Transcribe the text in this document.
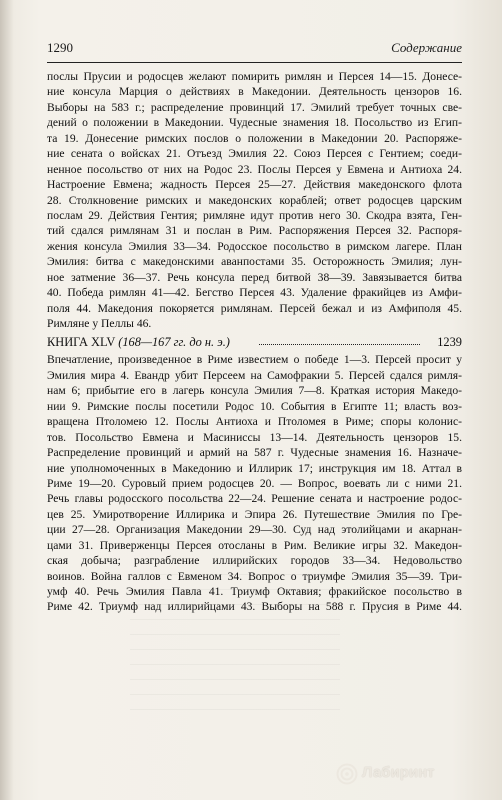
1290	Содержание
послы Прусии и родосцев желают помирить римлян и Персея 14—15. Донесе-
ние консула Марция о действиях в Македонии. Деятельность цензоров 16.
Выборы на 583 г.; распределение провинций 17. Эмилий требует точных све-
дений о положении в Македонии. Чудесные знамения 18. Посольство из Егип-
та 19. Донесение римских послов о положении в Македонии 20. Распоряже-
ние сената о войсках 21. Отъезд Эмилия 22. Союз Персея с Гентием; соеди-
ненное посольство от них на Родос 23. Послы Персея у Евмена и Антиоха 24.
Настроение Евмена; жадность Персея 25—27. Действия македонского флота
28. Столкновение римских и македонских кораблей; ответ родосцев царским
послам 29. Действия Гентия; римляне идут против него 30. Скодра взята, Ген-
тий сдался римлянам 31 и послан в Рим. Распоряжения Персея 32. Распоря-
жения консула Эмилия 33—34. Родосское посольство в римском лагере. План
Эмилия: битва с македонскими аванпостами 35. Осторожность Эмилия; лун-
ное затмение 36—37. Речь консула перед битвой 38—39. Завязывается битва
40. Победа римлян 41—42. Бегство Персея 43. Удаление фракийцев из Амфи-
поля 44. Македония покоряется римлянам. Персей бежал и из Амфиполя 45.
Римляне у Пеллы 46.
КНИГА XLV (168—167 гг. до н. э.)	1239
Впечатление, произведенное в Риме известием о победе 1—3. Персей просит у
Эмилия мира 4. Евандр убит Персеем на Самофракии 5. Персей сдался римля-
нам 6; прибытие его в лагерь консула Эмилия 7—8. Краткая история Македо-
нии 9. Римские послы посетили Родос 10. События в Египте 11; власть воз-
вращена Птоломею 12. Послы Антиоха и Птоломея в Риме; споры колонис-
тов. Посольство Евмена и Масиниссы 13—14. Деятельность цензоров 15.
Распределение провинций и армий на 587 г. Чудесные знамения 16. Назначе-
ние уполномоченных в Македонию и Иллирик 17; инструкция им 18. Аттал в
Риме 19—20. Суровый прием родосцев 20. — Вопрос, воевать ли с ними 21.
Речь главы родосского посольства 22—24. Решение сената и настроение родос-
цев 25. Умиротворение Иллирика и Эпира 26. Путешествие Эмилия по Гре-
ции 27—28. Организация Македонии 29—30. Суд над этолийцами и акарнан-
цами 31. Приверженцы Персея отосланы в Рим. Великие игры 32. Македон-
ская добыча; разграбление иллирийских городов 33—34. Недовольство
воинов. Война галлов с Евменом 34. Вопрос о триумфе Эмилия 35—39. Три-
умф 40. Речь Эмилия Павла 41. Триумф Октавия; фракийское посольство в
Риме 42. Триумф над иллирийцами 43. Выборы на 588 г. Прусия в Риме 44.
Лабиринт
